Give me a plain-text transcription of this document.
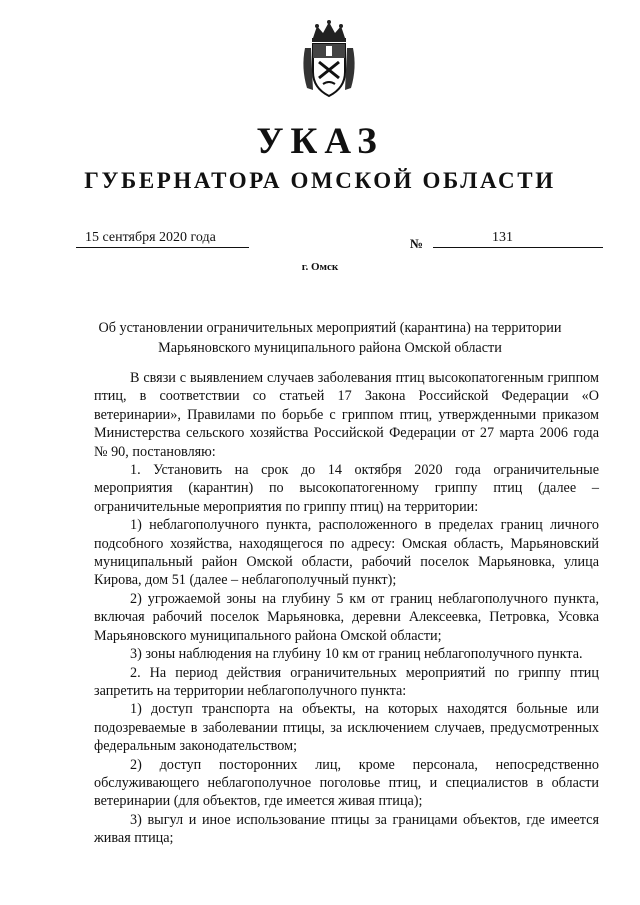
УКАЗ
ГУБЕРНАТОРА ОМСКОЙ ОБЛАСТИ
15 сентября 2020 года	№	131
г. Омск
Об установлении ограничительных мероприятий (карантина) на территории Марьяновского муниципального района Омской области

В связи с выявлением случаев заболевания птиц высокопатогенным гриппом птиц, в соответствии со статьей 17 Закона Российской Федерации «О ветеринарии», Правилами по борьбе с гриппом птиц, утвержденными приказом Министерства сельского хозяйства Российской Федерации от 27 марта 2006 года № 90, постановляю:

1. Установить на срок до 14 октября 2020 года ограничительные мероприятия (карантин) по высокопатогенному гриппу птиц (далее – ограничительные мероприятия по гриппу птиц) на территории:

1) неблагополучного пункта, расположенного в пределах границ личного подсобного хозяйства, находящегося по адресу: Омская область, Марьяновский муниципальный район Омской области, рабочий поселок Марьяновка, улица Кирова, дом 51 (далее – неблагополучный пункт);

2) угрожаемой зоны на глубину 5 км от границ неблагополучного пункта, включая рабочий поселок Марьяновка, деревни Алексеевка, Петровка, Усовка Марьяновского муниципального района Омской области;

3) зоны наблюдения на глубину 10 км от границ неблагополучного пункта.

2. На период действия ограничительных мероприятий по гриппу птиц запретить на территории неблагополучного пункта:

1) доступ транспорта на объекты, на которых находятся больные или подозреваемые в заболевании птицы, за исключением случаев, предусмотренных федеральным законодательством;

2) доступ посторонних лиц, кроме персонала, непосредственно обслуживающего неблагополучное поголовье птиц, и специалистов в области ветеринарии (для объектов, где имеется живая птица);

3) выгул и иное использование птицы за границами объектов, где имеется живая птица;
